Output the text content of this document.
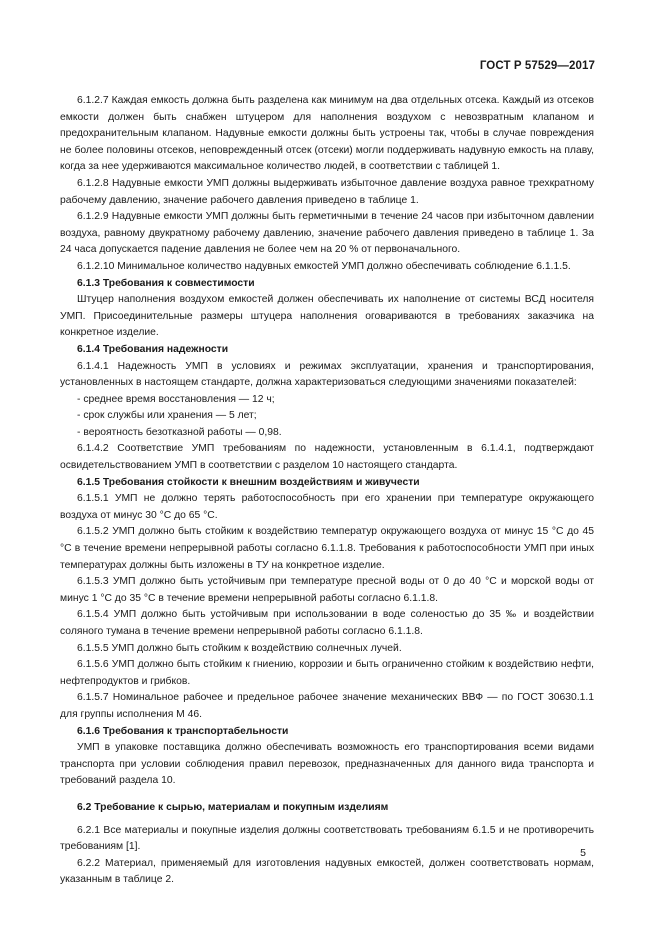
ГОСТ Р 57529—2017

6.1.2.7 Каждая емкость должна быть разделена как минимум на два отдельных отсека. Каждый из отсеков емкости должен быть снабжен штуцером для наполнения воздухом с невозвратным клапаном и предохранительным клапаном. Надувные емкости должны быть устроены так, чтобы в случае повреждения не более половины отсеков, неповрежденный отсек (отсеки) могли поддерживать надувную емкость на плаву, когда за нее удерживаются максимальное количество людей, в соответствии с таблицей 1.

6.1.2.8 Надувные емкости УМП должны выдерживать избыточное давление воздуха равное трехкратному рабочему давлению, значение рабочего давления приведено в таблице 1.

6.1.2.9 Надувные емкости УМП должны быть герметичными в течение 24 часов при избыточном давлении воздуха, равному двукратному рабочему давлению, значение рабочего давления приведено в таблице 1. За 24 часа допускается падение давления не более чем на 20 % от первоначального.

6.1.2.10 Минимальное количество надувных емкостей УМП должно обеспечивать соблюдение 6.1.1.5.

6.1.3 Требования к совместимости

Штуцер наполнения воздухом емкостей должен обеспечивать их наполнение от системы ВСД носителя УМП. Присоединительные размеры штуцера наполнения оговариваются в требованиях заказчика на конкретное изделие.

6.1.4 Требования надежности

6.1.4.1 Надежность УМП в условиях и режимах эксплуатации, хранения и транспортирования, установленных в настоящем стандарте, должна характеризоваться следующими значениями показателей:

- среднее время восстановления — 12 ч;

- срок службы или хранения — 5 лет;

- вероятность безотказной работы — 0,98.

6.1.4.2 Соответствие УМП требованиям по надежности, установленным в 6.1.4.1, подтверждают освидетельствованием УМП в соответствии с разделом 10 настоящего стандарта.

6.1.5 Требования стойкости к внешним воздействиям и живучести

6.1.5.1 УМП не должно терять работоспособность при его хранении при температуре окружающего воздуха от минус 30 °С до 65 °С.

6.1.5.2 УМП должно быть стойким к воздействию температур окружающего воздуха от минус 15 °С до 45 °С в течение времени непрерывной работы согласно 6.1.1.8. Требования к работоспособности УМП при иных температурах должны быть изложены в ТУ на конкретное изделие.

6.1.5.3 УМП должно быть устойчивым при температуре пресной воды от 0 до 40 °С и морской воды от минус 1 °С до 35 °С в течение времени непрерывной работы согласно 6.1.1.8.

6.1.5.4 УМП должно быть устойчивым при использовании в воде соленостью до 35 ‰ и воздействии соляного тумана в течение времени непрерывной работы согласно 6.1.1.8.

6.1.5.5 УМП должно быть стойким к воздействию солнечных лучей.

6.1.5.6 УМП должно быть стойким к гниению, коррозии и быть ограниченно стойким к воздействию нефти, нефтепродуктов и грибков.

6.1.5.7 Номинальное рабочее и предельное рабочее значение механических ВВФ — по ГОСТ 30630.1.1 для группы исполнения М 46.

6.1.6 Требования к транспортабельности

УМП в упаковке поставщика должно обеспечивать возможность его транспортирования всеми видами транспорта при условии соблюдения правил перевозок, предназначенных для данного вида транспорта и требований раздела 10.

6.2 Требование к сырью, материалам и покупным изделиям

6.2.1 Все материалы и покупные изделия должны соответствовать требованиям 6.1.5 и не противоречить требованиям [1].

6.2.2 Материал, применяемый для изготовления надувных емкостей, должен соответствовать нормам, указанным в таблице 2.

5
